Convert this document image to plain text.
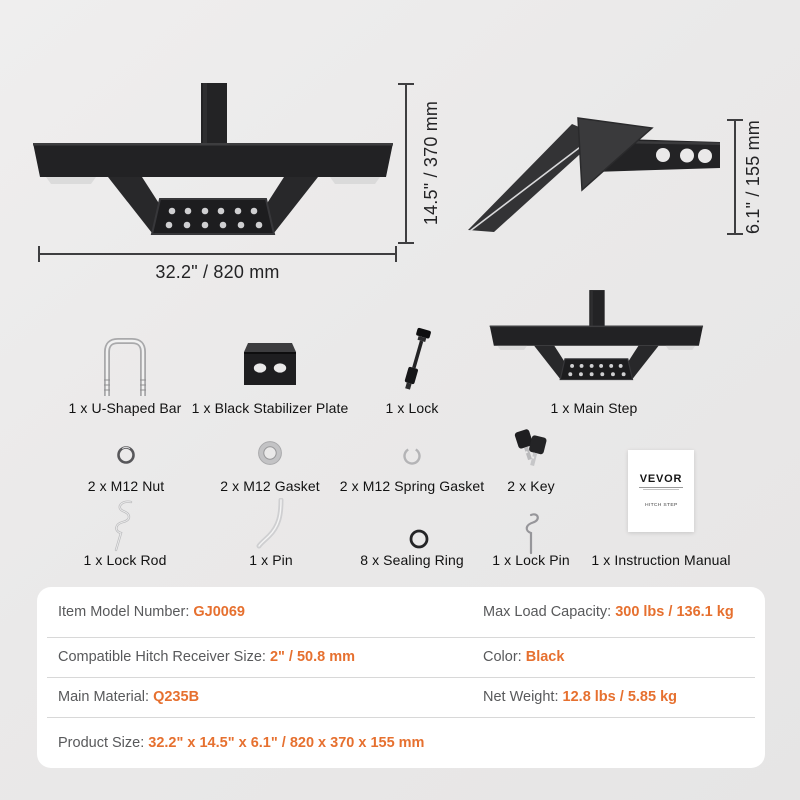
14.5" / 370 mm
32.2" / 820 mm
6.1" / 155 mm
1 x U-Shaped Bar 1 x Black Stabilizer Plate	1 x Lock	1 x Main Step
2 x M12 Nut	2 x M12 Gasket 2 x M12 Spring Gasket 2 x Key	VEVOR
HITCH STEP
1 x Lock Rod	1 x Pin	8 x Sealing Ring 1 x Lock Pin 1 x Instruction Manual
Item Model Number: GJ0069	Max Load Capacity: 300 lbs / 136.1 kg
Compatible Hitch Receiver Size: 2" / 50.8 mm	Color: Black
Main Material: Q235B	Net Weight: 12.8 lbs / 5.85 kg
Product Size: 32.2" x 14.5" x 6.1" / 820 x 370 x 155 mm
